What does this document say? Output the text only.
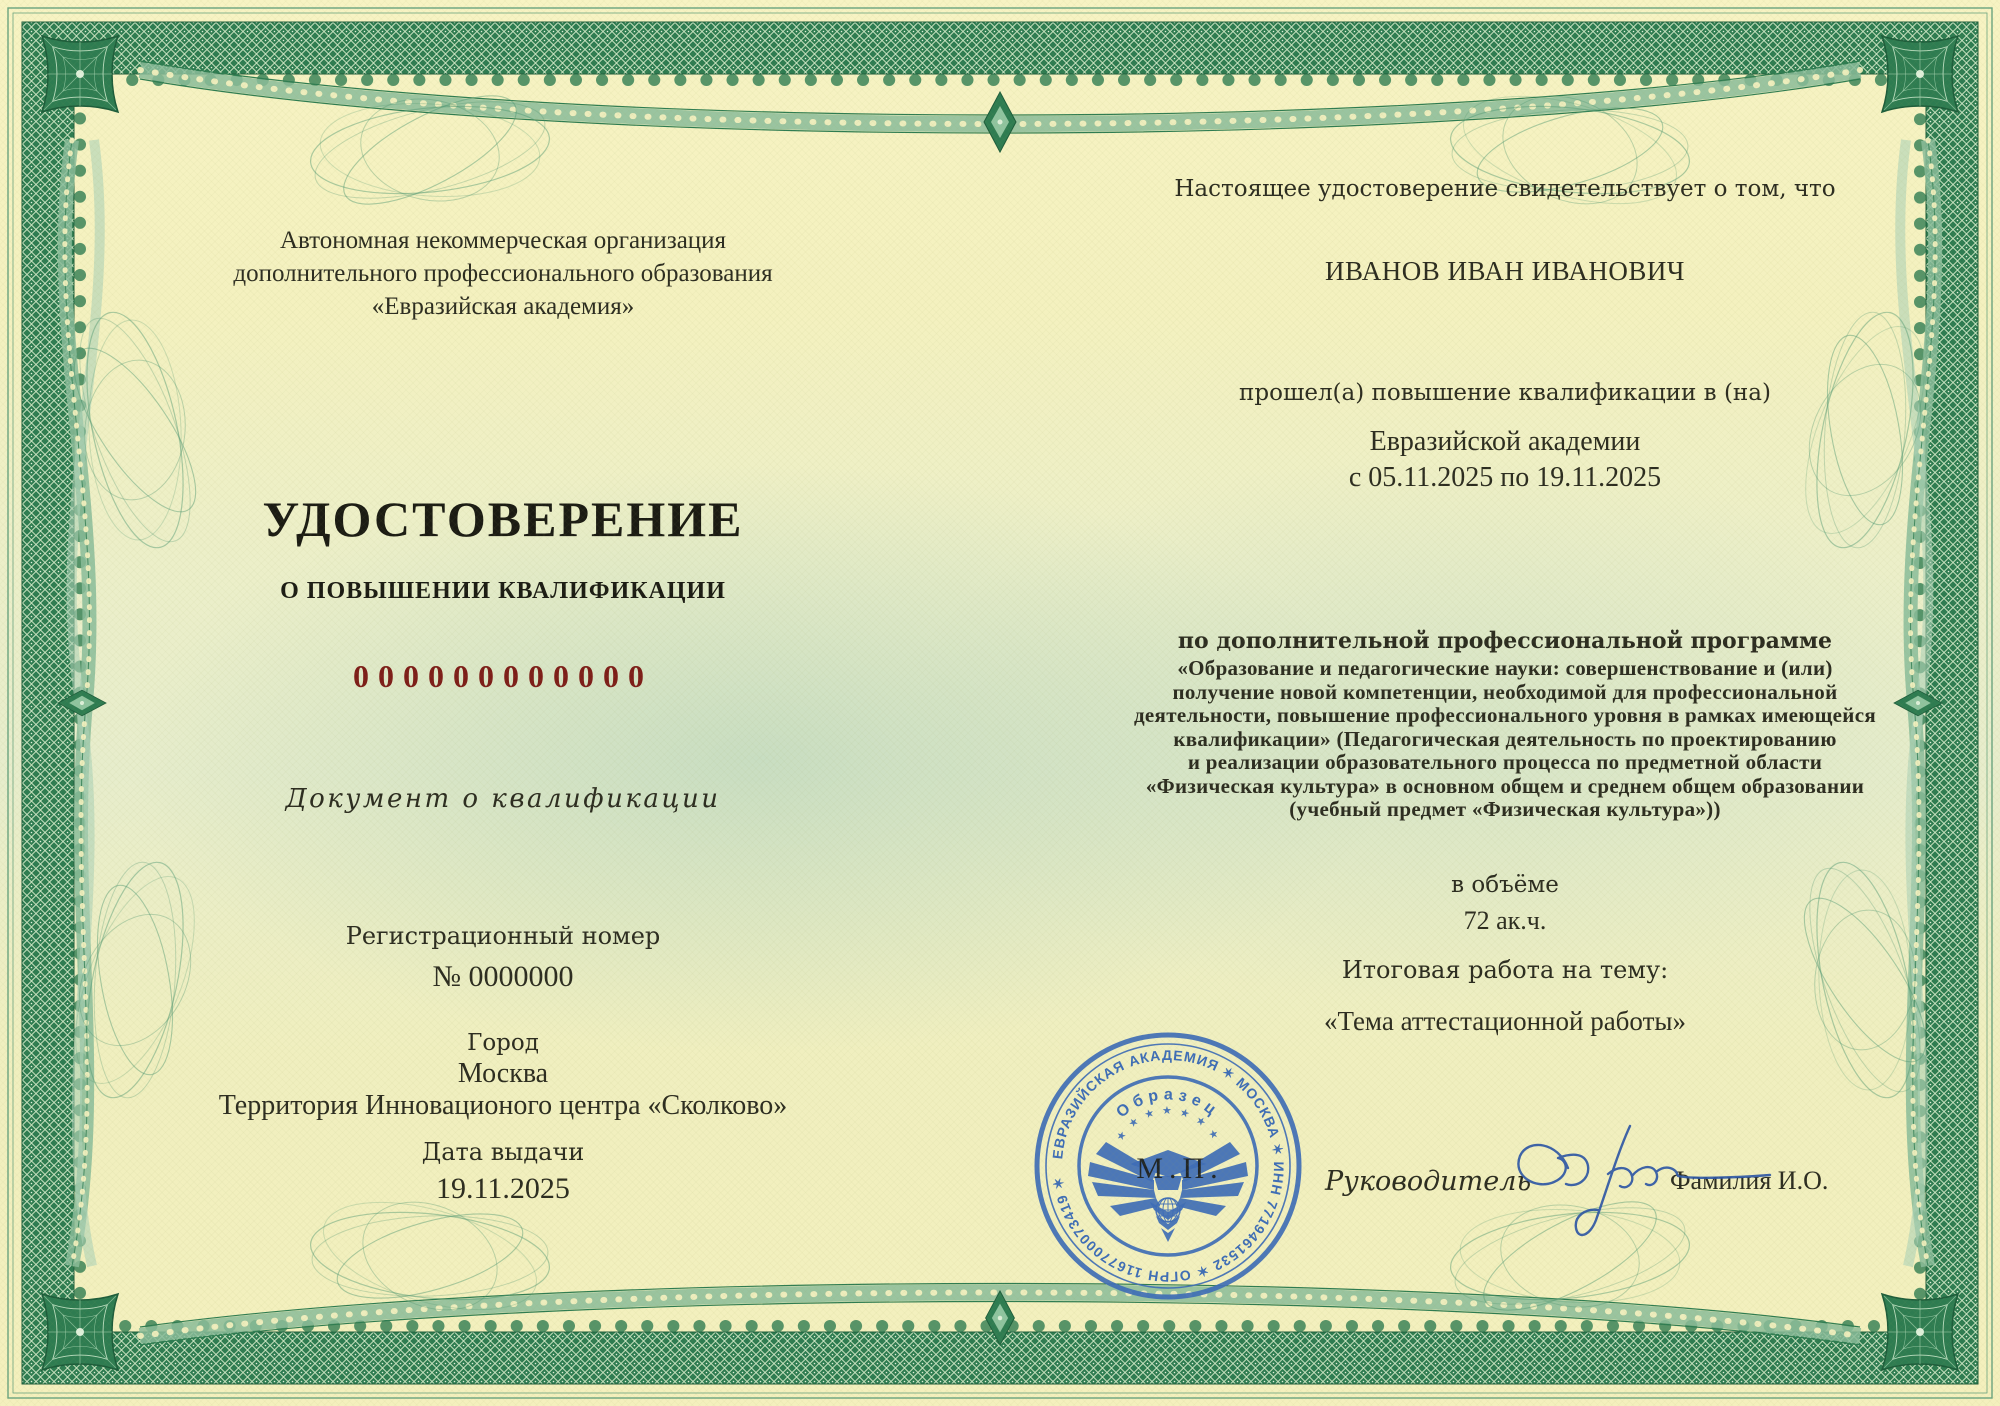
Автономная некоммерческая организация
дополнительного профессионального образования
«Евразийская академия»
УДОСТОВЕРЕНИЕ
О ПОВЫШЕНИИ КВАЛИФИКАЦИИ
000000000000
Документ о квалификации
Регистрационный номер
№ 0000000
Город
Москва
Территория Инновационого центра «Сколково»
Дата выдачи
19.11.2025
Настоящее удостоверение свидетельствует о том, что
ИВАНОВ ИВАН ИВАНОВИЧ
прошел(а) повышение квалификации в (на)
Евразийской академии
с 05.11.2025 по 19.11.2025
по дополнительной профессиональной программе
«Образование и педагогические науки: совершенствование и (или)
получение новой компетенции, необходимой для профессиональной
деятельности, повышение профессионального уровня в рамках имеющейся
квалификации» (Педагогическая деятельность по проектированию
и реализации образовательного процесса по предметной области
«Физическая культура» в основном общем и среднем общем образовании
(учебный предмет «Физическая культура»))
в объёме
72 ак.ч.
Итоговая работа на тему:
«Тема аттестационной работы»
ЕВРАЗИЙСКАЯ АКАДЕМИЯ ✶ МОСКВА ✶ ИНН 7719461532 ✶ ОГРН 1167700073419 ✶
Образец
★ ★ ★ ★ ★ ★ ★
М.П.	Руководитель	Фамилия И.О.
